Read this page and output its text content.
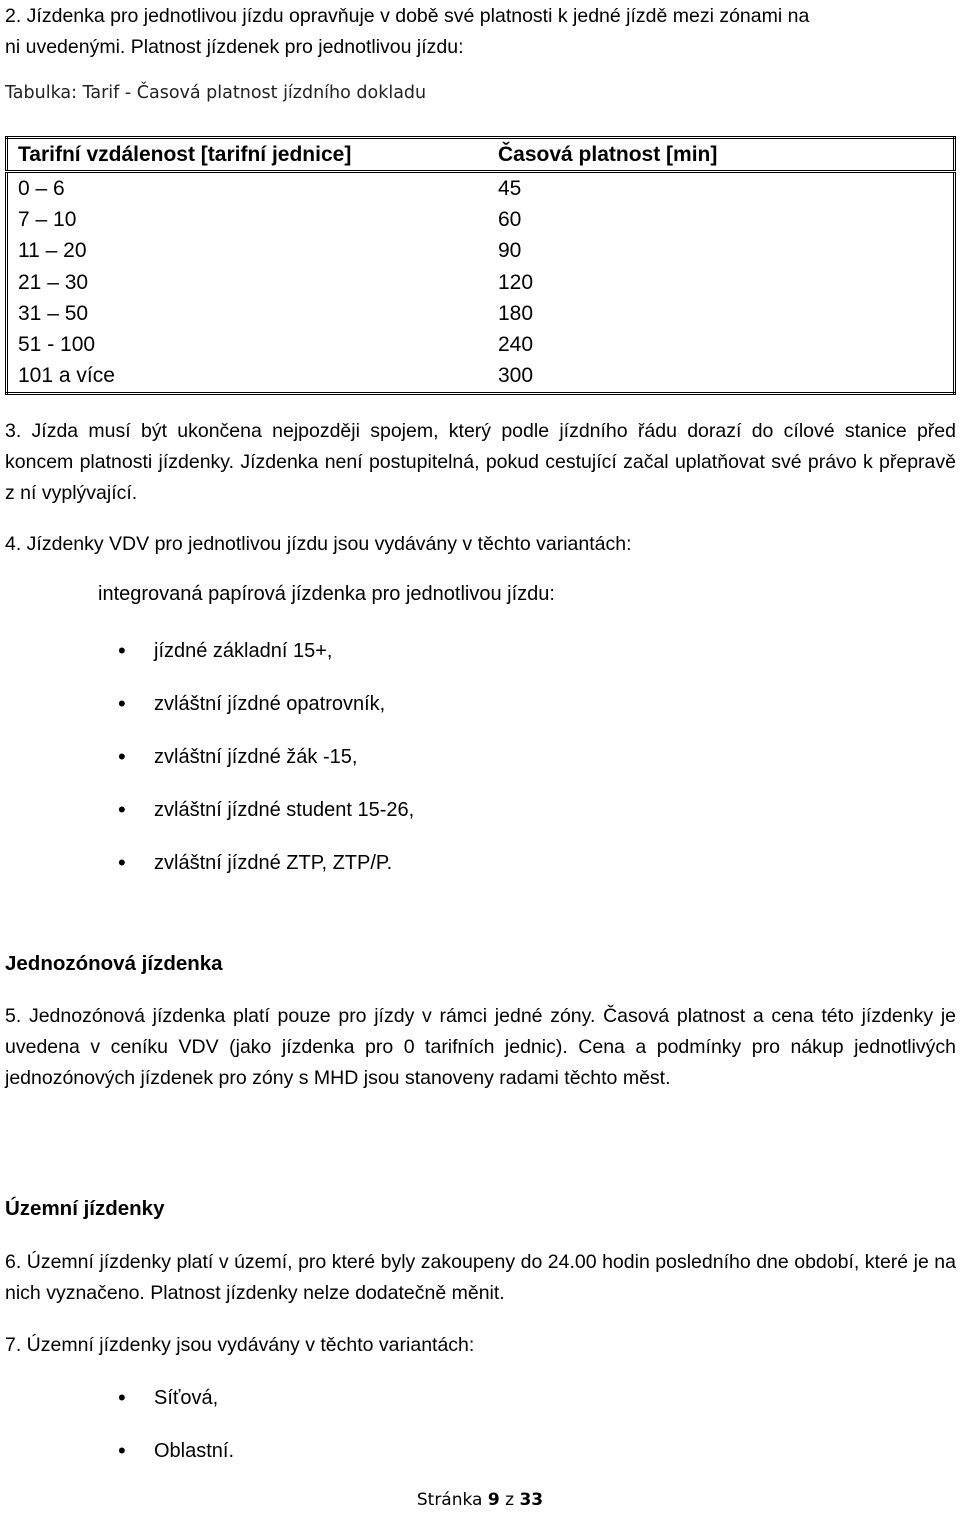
2. Jízdenka pro jednotlivou jízdu opravňuje v době své platnosti k jedné jízdě mezi zónami na
ni uvedenými. Platnost jízdenek pro jednotlivou jízdu:
Tabulka: Tarif - Časová platnost jízdního dokladu
Tarifní vzdálenost [tarifní jednice]	Časová platnost [min]
0 – 6	45
7 – 10	60
11 – 20	90
21 – 30	120
31 – 50	180
51 - 100	240
101 a více	300
3. Jízda musí být ukončena nejpozději spojem, který podle jízdního řádu dorazí do cílové stanice před koncem platnosti jízdenky. Jízdenka není postupitelná, pokud cestující začal uplatňovat své právo k přepravě z ní vyplývající.
4. Jízdenky VDV pro jednotlivou jízdu jsou vydávány v těchto variantách:
integrovaná papírová jízdenka pro jednotlivou jízdu:
• jízdné základní 15+,
• zvláštní jízdné opatrovník,
• zvláštní jízdné žák -15,
• zvláštní jízdné student 15-26,
• zvláštní jízdné ZTP, ZTP/P.
Jednozónová jízdenka
5. Jednozónová jízdenka platí pouze pro jízdy v rámci jedné zóny. Časová platnost a cena této jízdenky je uvedena v ceníku VDV (jako jízdenka pro 0 tarifních jednic). Cena a podmínky pro nákup jednotlivých jednozónových jízdenek pro zóny s MHD jsou stanoveny radami těchto měst.
Územní jízdenky
6. Územní jízdenky platí v území, pro které byly zakoupeny do 24.00 hodin posledního dne období, které je na nich vyznačeno. Platnost jízdenky nelze dodatečně měnit.
7. Územní jízdenky jsou vydávány v těchto variantách:
• Síťová,
• Oblastní.
Stránka 9 z 33
